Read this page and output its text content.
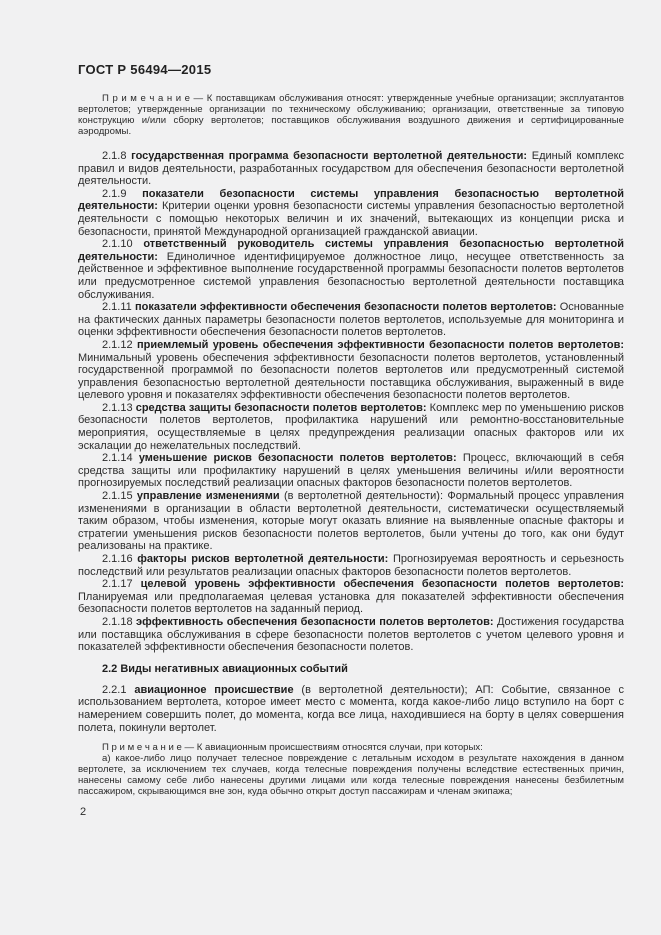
ГОСТ Р 56494—2015

П р и м е ч а н и е — К поставщикам обслуживания относят: утвержденные учебные организации; эксплуатантов вертолетов; утвержденные организации по техническому обслуживанию; организации, ответственные за типовую конструкцию и/или сборку вертолетов; поставщиков обслуживания воздушного движения и сертифицированные аэродромы.

2.1.8 государственная программа безопасности вертолетной деятельности: Единый комплекс правил и видов деятельности, разработанных государством для обеспечения безопасности вертолетной деятельности.

2.1.9 показатели безопасности системы управления безопасностью вертолетной деятельности: Критерии оценки уровня безопасности системы управления безопасностью вертолетной деятельности с помощью некоторых величин и их значений, вытекающих из концепции риска и безопасности, принятой Международной организацией гражданской авиации.

2.1.10 ответственный руководитель системы управления безопасностью вертолетной деятельности: Единоличное идентифицируемое должностное лицо, несущее ответственность за действенное и эффективное выполнение государственной программы безопасности полетов вертолетов или предусмотренное системой управления безопасностью вертолетной деятельности поставщика обслуживания.

2.1.11 показатели эффективности обеспечения безопасности полетов вертолетов: Основанные на фактических данных параметры безопасности полетов вертолетов, используемые для мониторинга и оценки эффективности обеспечения безопасности полетов вертолетов.

2.1.12 приемлемый уровень обеспечения эффективности безопасности полетов вертолетов: Минимальный уровень обеспечения эффективности безопасности полетов вертолетов, установленный государственной программой по безопасности полетов вертолетов или предусмотренный системой управления безопасностью вертолетной деятельности поставщика обслуживания, выраженный в виде целевого уровня и показателях эффективности обеспечения безопасности полетов вертолетов.

2.1.13 средства защиты безопасности полетов вертолетов: Комплекс мер по уменьшению рисков безопасности полетов вертолетов, профилактика нарушений или ремонтно-восстановительные мероприятия, осуществляемые в целях предупреждения реализации опасных факторов или их эскалации до нежелательных последствий.

2.1.14 уменьшение рисков безопасности полетов вертолетов: Процесс, включающий в себя средства защиты или профилактику нарушений в целях уменьшения величины и/или вероятности прогнозируемых последствий реализации опасных факторов безопасности полетов вертолетов.

2.1.15 управление изменениями (в вертолетной деятельности): Формальный процесс управления изменениями в организации в области вертолетной деятельности, систематически осуществляемый таким образом, чтобы изменения, которые могут оказать влияние на выявленные опасные факторы и стратегии уменьшения рисков безопасности полетов вертолетов, были учтены до того, как они будут реализованы на практике.

2.1.16 факторы рисков вертолетной деятельности: Прогнозируемая вероятность и серьезность последствий или результатов реализации опасных факторов безопасности полетов вертолетов.

2.1.17 целевой уровень эффективности обеспечения безопасности полетов вертолетов: Планируемая или предполагаемая целевая установка для показателей эффективности обеспечения безопасности полетов вертолетов на заданный период.

2.1.18 эффективность обеспечения безопасности полетов вертолетов: Достижения государства или поставщика обслуживания в сфере безопасности полетов вертолетов с учетом целевого уровня и показателей эффективности обеспечения безопасности полетов.

2.2 Виды негативных авиационных событий

2.2.1 авиационное происшествие (в вертолетной деятельности); АП: Событие, связанное с использованием вертолета, которое имеет место с момента, когда какое-либо лицо вступило на борт с намерением совершить полет, до момента, когда все лица, находившиеся на борту в целях совершения полета, покинули вертолет.

П р и м е ч а н и е — К авиационным происшествиям относятся случаи, при которых:

а) какое-либо лицо получает телесное повреждение с летальным исходом в результате нахождения в данном вертолете, за исключением тех случаев, когда телесные повреждения получены вследствие естественных причин, нанесены самому себе либо нанесены другими лицами или когда телесные повреждения нанесены безбилетным пассажиром, скрывающимся вне зон, куда обычно открыт доступ пассажирам и членам экипажа;

2
